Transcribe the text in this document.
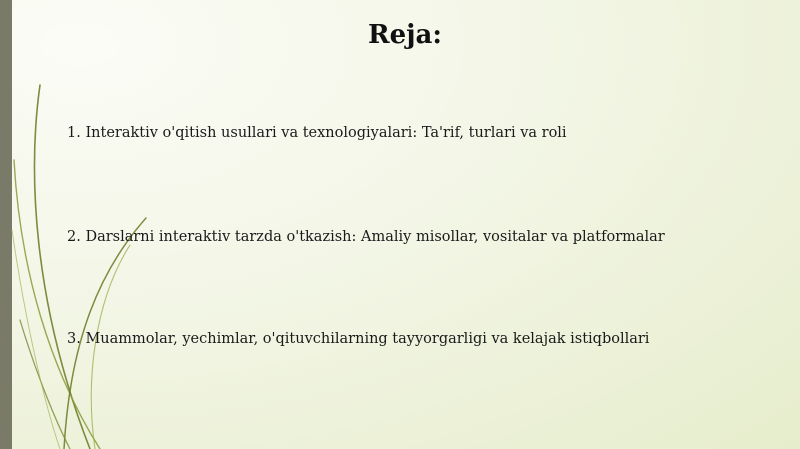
Reja:
1. Interaktiv o'qitish usullari va texnologiyalari: Ta'rif, turlari va roli
2. Darslarni interaktiv tarzda o'tkazish: Amaliy misollar, vositalar va platformalar
3. Muammolar, yechimlar, o'qituvchilarning tayyorgarligi va kelajak istiqbollari
